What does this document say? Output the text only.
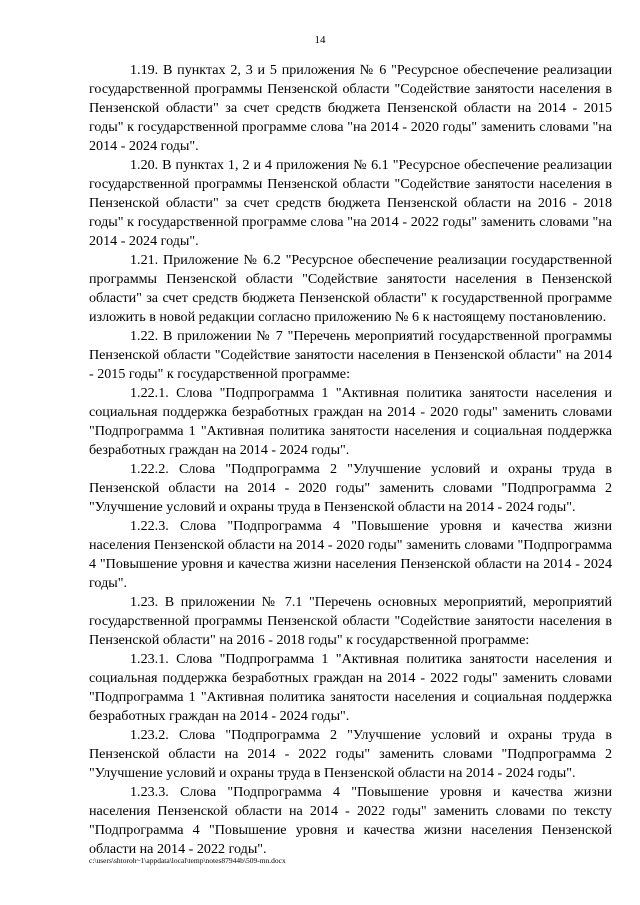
14

1.19. В пунктах 2, 3 и 5 приложения № 6 "Ресурсное обеспечение реализации государственной программы Пензенской области "Содействие занятости населения в Пензенской области" за счет средств бюджета Пензенской области на 2014 - 2015 годы" к государственной программе слова "на 2014 - 2020 годы" заменить словами "на 2014 - 2024 годы".

1.20. В пунктах 1, 2 и 4 приложения № 6.1 "Ресурсное обеспечение реализации государственной программы Пензенской области "Содействие занятости населения в Пензенской области" за счет средств бюджета Пензенской области на 2016 - 2018 годы" к государственной программе слова "на 2014 - 2022 годы" заменить словами "на 2014 - 2024 годы".

1.21. Приложение № 6.2 "Ресурсное обеспечение реализации государственной программы Пензенской области "Содействие занятости населения в Пензенской области" за счет средств бюджета Пензенской области" к государственной программе изложить в новой редакции согласно приложению № 6 к настоящему постановлению.

1.22. В приложении № 7 "Перечень мероприятий государственной программы Пензенской области "Содействие занятости населения в Пензенской области" на 2014 - 2015 годы" к государственной программе:

1.22.1. Слова "Подпрограмма 1 "Активная политика занятости населения и социальная поддержка безработных граждан на 2014 - 2020 годы" заменить словами "Подпрограмма 1 "Активная политика занятости населения и социальная поддержка безработных граждан на 2014 - 2024 годы".

1.22.2. Слова "Подпрограмма 2 "Улучшение условий и охраны труда в Пензенской области на 2014 - 2020 годы" заменить словами "Подпрограмма 2 "Улучшение условий и охраны труда в Пензенской области на 2014 - 2024 годы".

1.22.3. Слова "Подпрограмма 4 "Повышение уровня и качества жизни населения Пензенской области на 2014 - 2020 годы" заменить словами "Подпрограмма 4 "Повышение уровня и качества жизни населения Пензенской области на 2014 - 2024 годы".

1.23. В приложении № 7.1 "Перечень основных мероприятий, мероприятий государственной программы Пензенской области "Содействие занятости населения в Пензенской области" на 2016 - 2018 годы" к государственной программе:

1.23.1. Слова "Подпрограмма 1 "Активная политика занятости населения и социальная поддержка безработных граждан на 2014 - 2022 годы" заменить словами "Подпрограмма 1 "Активная политика занятости населения и социальная поддержка безработных граждан на 2014 - 2024 годы".

1.23.2. Слова "Подпрограмма 2 "Улучшение условий и охраны труда в Пензенской области на 2014 - 2022 годы" заменить словами "Подпрограмма 2 "Улучшение условий и охраны труда в Пензенской области на 2014 - 2024 годы".

1.23.3. Слова "Подпрограмма 4 "Повышение уровня и качества жизни населения Пензенской области на 2014 - 2022 годы" заменить словами по тексту "Подпрограмма 4 "Повышение уровня и качества жизни населения Пензенской области на 2014 - 2022 годы".

c:\users\shtoroh~1\appdata\local\temp\notes87944b\509-mn.docx
